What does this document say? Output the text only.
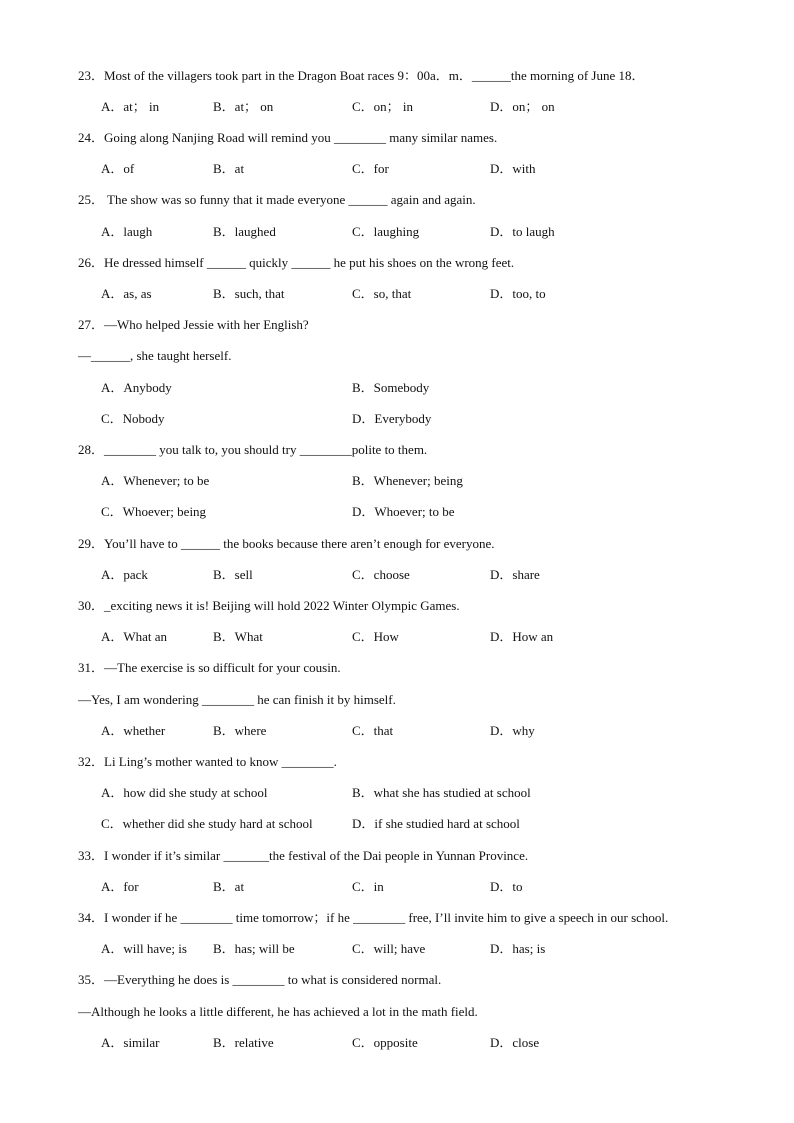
23．Most of the villagers took part in the Dragon Boat races 9：00a．m．______the morning of June 18．
A．at； in	B．at； on	C．on； in	D．on； on
24．Going along Nanjing Road will remind you ________ many similar names.
A．of	B．at	C．for	D．with
25． The show was so funny that it made everyone ______ again and again.
A．laugh	B．laughed	C．laughing	D．to laugh
26．He dressed himself ______ quickly ______ he put his shoes on the wrong feet.
A．as, as	B．such, that	C．so, that	D．too, to
27．—Who helped Jessie with her English?
—______, she taught herself.
A．Anybody	B．Somebody
C．Nobody	D．Everybody
28．________ you talk to, you should try ________polite to them.
A．Whenever; to be	B．Whenever; being
C．Whoever; being	D．Whoever; to be
29．You’ll have to ______ the books because there aren’t enough for everyone.
A．pack	B．sell	C．choose	D．share
30．_exciting news it is! Beijing will hold 2022 Winter Olympic Games.
A．What an	B．What	C．How	D．How an
31．—The exercise is so difficult for your cousin.
—Yes, I am wondering ________ he can finish it by himself.
A．whether	B．where	C．that	D．why
32．Li Ling’s mother wanted to know ________.
A．how did she study at school	B．what she has studied at school
C．whether did she study hard at school	D．if she studied hard at school
33．I wonder if it’s similar _______the festival of the Dai people in Yunnan Province.
A．for	B．at	C．in	D．to
34．I wonder if he ________ time tomorrow；if he ________ free, I’ll invite him to give a speech in our school.
A．will have; is B．has; will be	C．will; have	D．has; is
35．—Everything he does is ________ to what is considered normal.
—Although he looks a little different, he has achieved a lot in the math field.
A．similar	B．relative	C．opposite	D．close
